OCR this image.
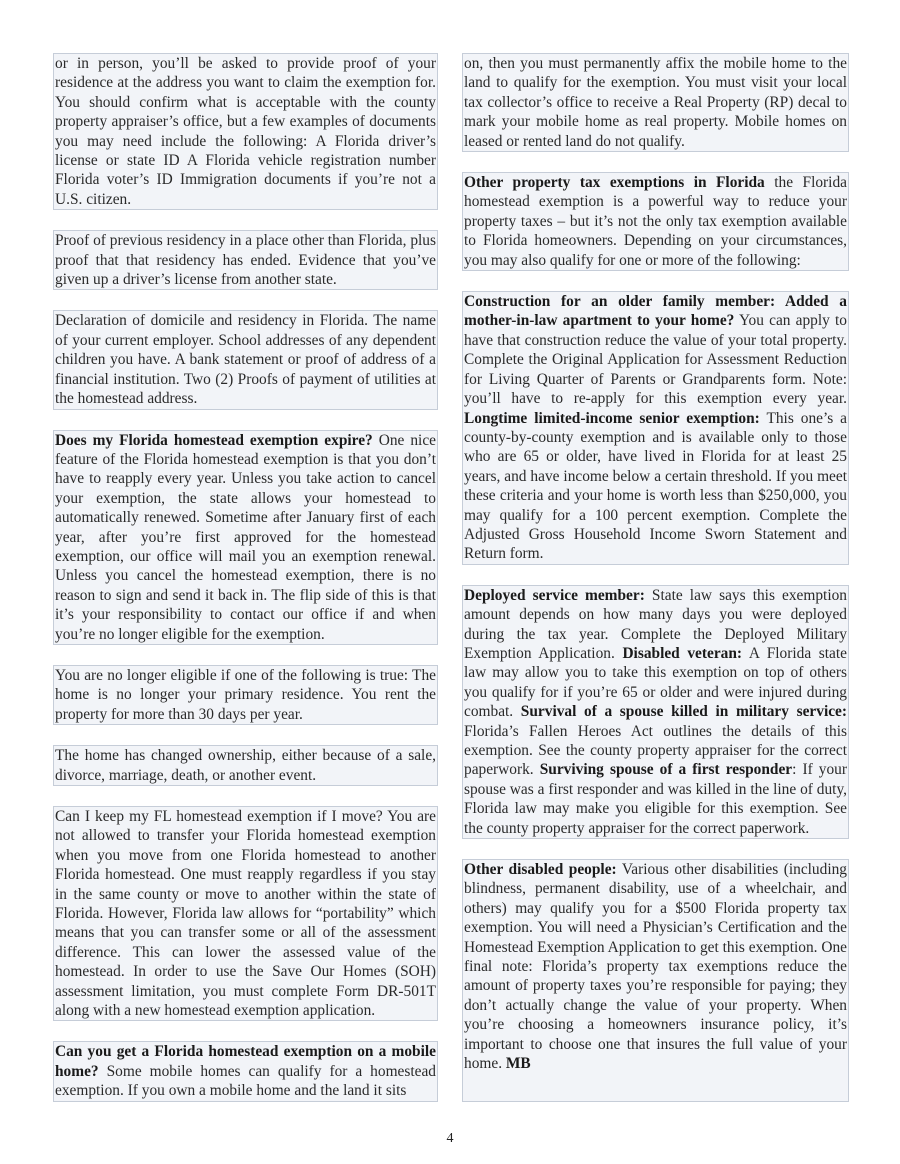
or in person, you’ll be asked to provide proof of your residence at the address you want to claim the exemption for. You should confirm what is acceptable with the county property appraiser’s office, but a few examples of documents you may need include the following: A Florida driver’s license or state ID A Florida vehicle registration number Florida voter’s ID Immigration documents if you’re not a U.S. citizen.

Proof of previous residency in a place other than Florida, plus proof that that residency has ended. Evidence that you’ve given up a driver’s license from another state.

Declaration of domicile and residency in Florida. The name of your current employer. School addresses of any dependent children you have. A bank statement or proof of address of a financial institution. Two (2) Proofs of payment of utilities at the homestead address.

Does my Florida homestead exemption expire? One nice feature of the Florida homestead exemption is that you don’t have to reapply every year. Unless you take action to cancel your exemption, the state allows your homestead to automatically renewed. Sometime after January first of each year, after you’re first approved for the homestead exemption, our office will mail you an exemption renewal. Unless you cancel the homestead exemption, there is no reason to sign and send it back in. The flip side of this is that it’s your responsibility to contact our office if and when you’re no longer eligible for the exemption.

You are no longer eligible if one of the following is true: The home is no longer your primary residence. You rent the property for more than 30 days per year.

The home has changed ownership, either because of a sale, divorce, marriage, death, or another event.

Can I keep my FL homestead exemption if I move? You are not allowed to transfer your Florida homestead exemption when you move from one Florida homestead to another Florida homestead. One must reapply regardless if you stay in the same county or move to another within the state of Florida. However, Florida law allows for “portability” which means that you can transfer some or all of the assessment difference. This can lower the assessed value of the homestead. In order to use the Save Our Homes (SOH) assessment limitation, you must complete Form DR-501T along with a new homestead exemption application.

Can you get a Florida homestead exemption on a mobile home? Some mobile homes can qualify for a homestead exemption. If you own a mobile home and the land it sits

on, then you must permanently affix the mobile home to the land to qualify for the exemption. You must visit your local tax collector’s office to receive a Real Property (RP) decal to mark your mobile home as real property. Mobile homes on leased or rented land do not qualify.

Other property tax exemptions in Florida the Florida homestead exemption is a powerful way to reduce your property taxes – but it’s not the only tax exemption available to Florida homeowners. Depending on your circumstances, you may also qualify for one or more of the following:

Construction for an older family member: Added a mother-in-law apartment to your home? You can apply to have that construction reduce the value of your total property. Complete the Original Application for Assessment Reduction for Living Quarter of Parents or Grandparents form. Note: you’ll have to re-apply for this exemption every year. Longtime limited-income senior exemption: This one’s a county-by-county exemption and is available only to those who are 65 or older, have lived in Florida for at least 25 years, and have income below a certain threshold. If you meet these criteria and your home is worth less than $250,000, you may qualify for a 100 percent exemption. Complete the Adjusted Gross Household Income Sworn Statement and Return form.

Deployed service member: State law says this exemption amount depends on how many days you were deployed during the tax year. Complete the Deployed Military Exemption Application. Disabled veteran: A Florida state law may allow you to take this exemption on top of others you qualify for if you’re 65 or older and were injured during combat. Survival of a spouse killed in military service: Florida’s Fallen Heroes Act outlines the details of this exemption. See the county property appraiser for the correct paperwork. Surviving spouse of a first responder: If your spouse was a first responder and was killed in the line of duty, Florida law may make you eligible for this exemption. See the county property appraiser for the correct paperwork.

Other disabled people: Various other disabilities (including blindness, permanent disability, use of a wheelchair, and others) may qualify you for a $500 Florida property tax exemption. You will need a Physician’s Certification and the Homestead Exemption Application to get this exemption. One final note: Florida’s property tax exemptions reduce the amount of property taxes you’re responsible for paying; they don’t actually change the value of your property. When you’re choosing a homeowners insurance policy, it’s important to choose one that insures the full value of your home. MB

4
